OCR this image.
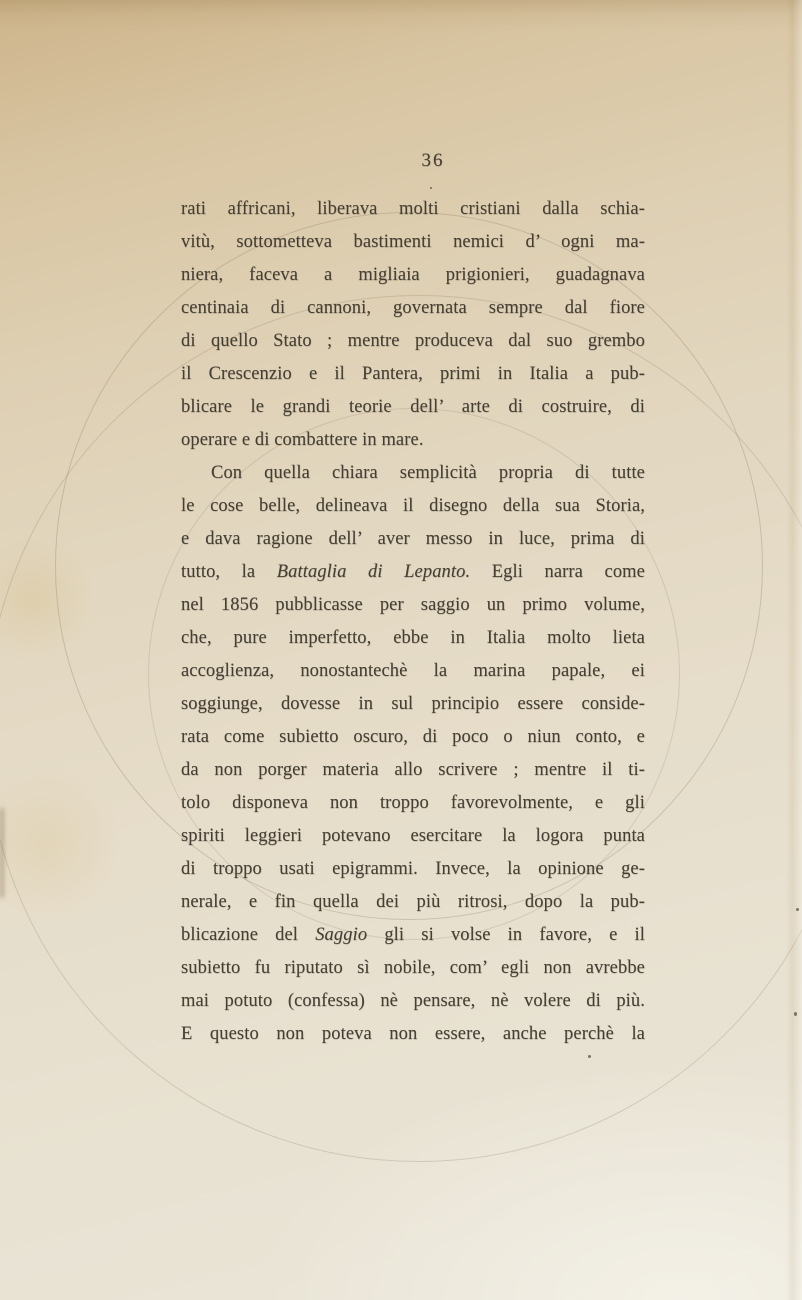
36
rati affricani, liberava molti cristiani dalla schia-
vitù, sottometteva bastimenti nemici d’ ogni ma-
niera, faceva a migliaia prigionieri, guadagnava
centinaia di cannoni, governata sempre dal fiore
di quello Stato ; mentre produceva dal suo grembo
il Crescenzio e il Pantera, primi in Italia a pub-
blicare le grandi teorie dell’ arte di costruire, di
operare e di combattere in mare.
Con quella chiara semplicità propria di tutte
le cose belle, delineava il disegno della sua Storia,
e dava ragione dell’ aver messo in luce, prima di
tutto, la Battaglia di Lepanto. Egli narra come
nel 1856 pubblicasse per saggio un primo volume,
che, pure imperfetto, ebbe in Italia molto lieta
accoglienza, nonostantechè la marina papale, ei
soggiunge, dovesse in sul principio essere conside-
rata come subietto oscuro, di poco o niun conto, e
da non porger materia allo scrivere ; mentre il ti-
tolo disponeva non troppo favorevolmente, e gli
spiriti leggieri potevano esercitare la logora punta
di troppo usati epigrammi. Invece, la opinione ge-
nerale, e fin quella dei più ritrosi, dopo la pub-
blicazione del Saggio gli si volse in favore, e il
subietto fu riputato sì nobile, com’ egli non avrebbe
mai potuto (confessa) nè pensare, nè volere di più.
E questo non poteva non essere, anche perchè la
